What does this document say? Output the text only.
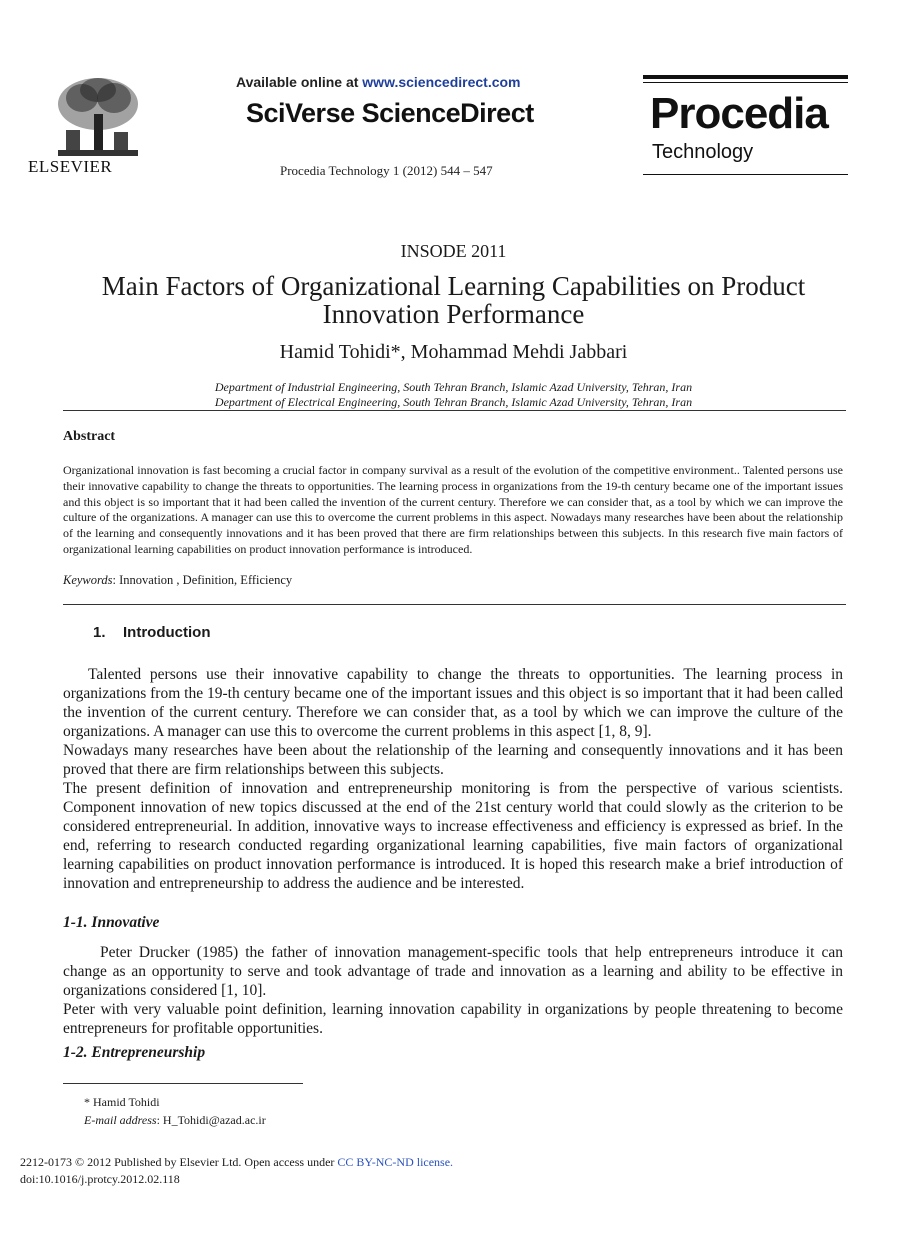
ELSEVIER
Available online at www.sciencedirect.com
SciVerse ScienceDirect
Procedia Technology 1 (2012) 544 – 547
Procedia
Technology
INSODE 2011
Main Factors of Organizational Learning Capabilities on Product Innovation Performance
Hamid Tohidi*, Mohammad Mehdi Jabbari
Department of Industrial Engineering, South Tehran Branch, Islamic Azad University, Tehran, Iran
Department of Electrical Engineering, South Tehran Branch, Islamic Azad University, Tehran, Iran
Abstract
Organizational innovation is fast becoming a crucial factor in company survival as a result of the evolution of the competitive environment.. Talented persons use their innovative capability to change the threats to opportunities. The learning process in organizations from the 19-th century became one of the important issues and this object is so important that it had been called the invention of the current century. Therefore we can consider that, as a tool by which we can improve the culture of the organizations. A manager can use this to overcome the current problems in this aspect. Nowadays many researches have been about the relationship of the learning and consequently innovations and it has been proved that there are firm relationships between this subjects. In this research five main factors of organizational learning capabilities on product innovation performance is introduced.
Keywords: Innovation , Definition, Efficiency
1. Introduction

Talented persons use their innovative capability to change the threats to opportunities. The learning process in organizations from the 19-th century became one of the important issues and this object is so important that it had been called the invention of the current century. Therefore we can consider that, as a tool by which we can improve the culture of the organizations. A manager can use this to overcome the current problems in this aspect [1, 8, 9].

Nowadays many researches have been about the relationship of the learning and consequently innovations and it has been proved that there are firm relationships between this subjects.

The present definition of innovation and entrepreneurship monitoring is from the perspective of various scientists. Component innovation of new topics discussed at the end of the 21st century world that could slowly as the criterion to be considered entrepreneurial. In addition, innovative ways to increase effectiveness and efficiency is expressed as brief. In the end, referring to research conducted regarding organizational learning capabilities, five main factors of organizational learning capabilities on product innovation performance is introduced. It is hoped this research make a brief introduction of innovation and entrepreneurship to address the audience and be interested.

1-1. Innovative

Peter Drucker (1985) the father of innovation management-specific tools that help entrepreneurs introduce it can change as an opportunity to serve and took advantage of trade and innovation as a learning and ability to be effective in organizations considered [1, 10].

Peter with very valuable point definition, learning innovation capability in organizations by people threatening to become entrepreneurs for profitable opportunities.

1-2. Entrepreneurship
* Hamid Tohidi
E-mail address: H_Tohidi@azad.ac.ir
2212-0173 © 2012 Published by Elsevier Ltd. Open access under CC BY-NC-ND license.
doi:10.1016/j.protcy.2012.02.118
